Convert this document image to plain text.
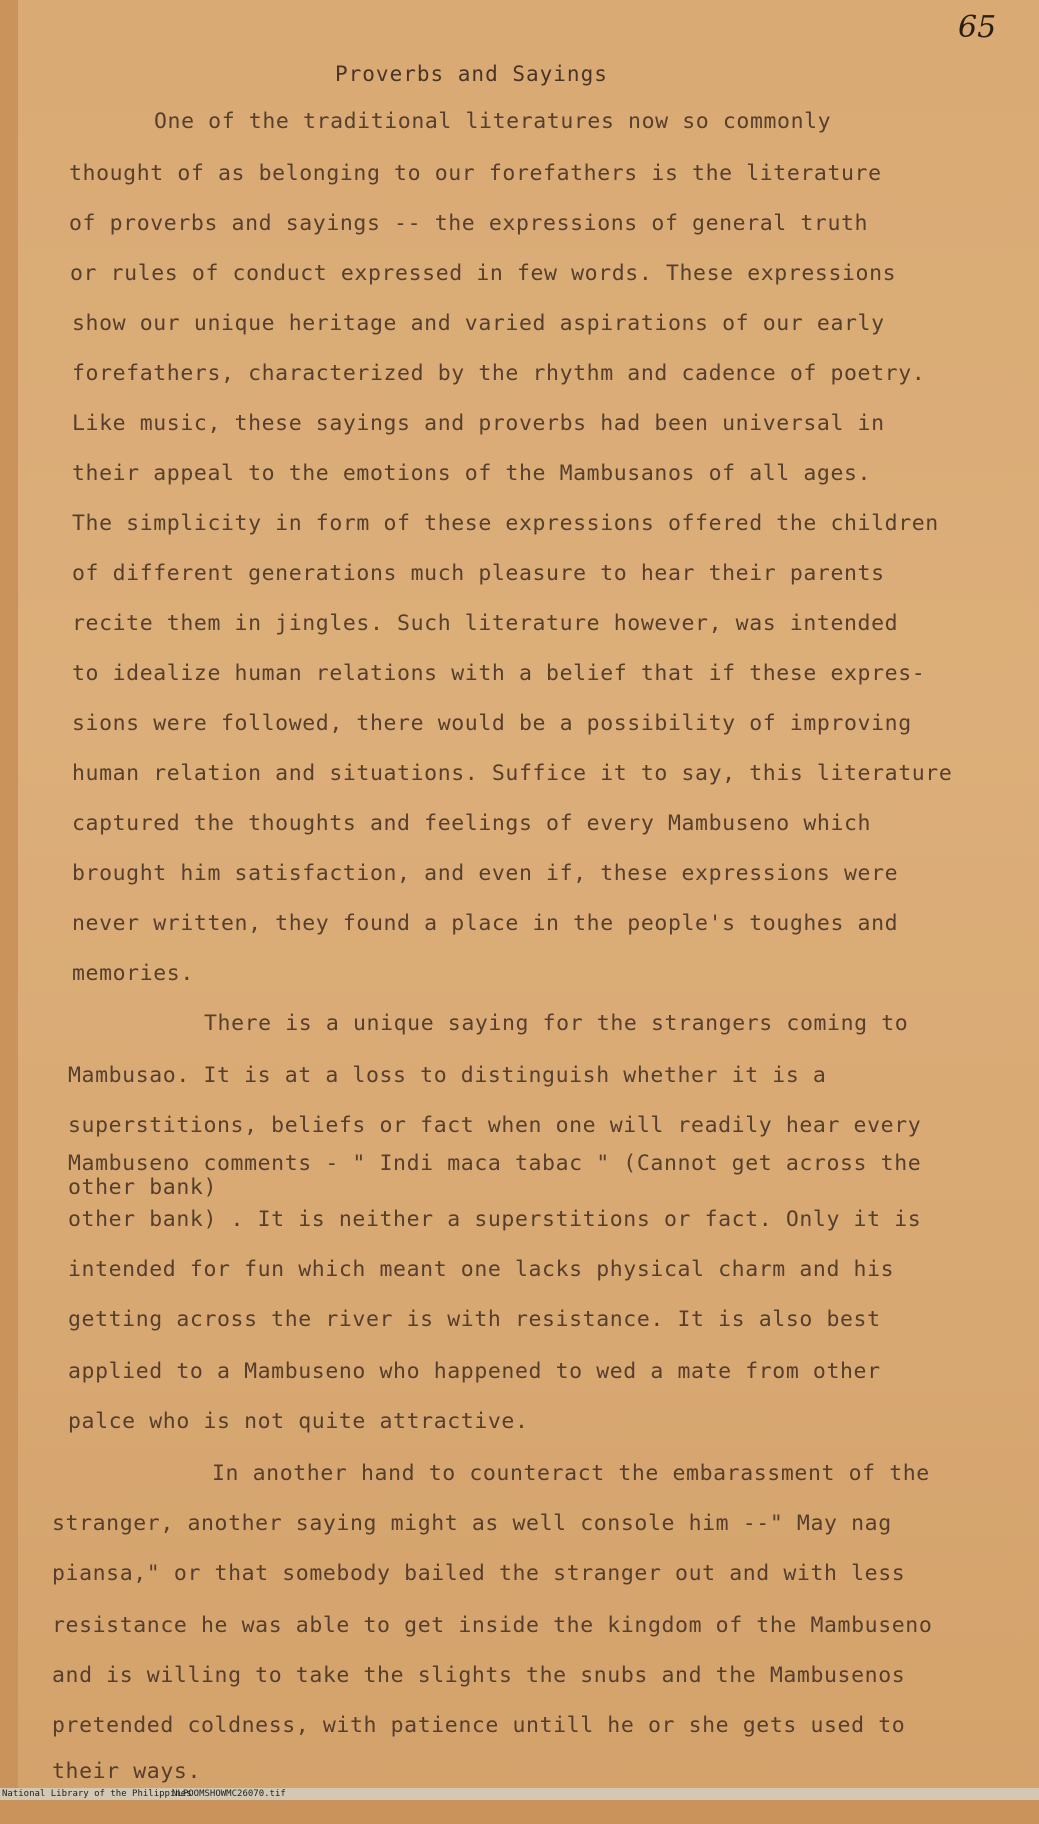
65
Proverbs and Sayings
One of the traditional literatures now so commonly
thought of as belonging to our forefathers is the literature
of proverbs and sayings -- the expressions of general truth
or rules of conduct expressed in few words. These expressions
show our unique heritage and varied aspirations of our early
forefathers, characterized by the rhythm and cadence of poetry.
Like music, these sayings and proverbs had been universal in
their appeal to the emotions of the Mambusanos of all ages.
The simplicity in form of these expressions offered the children
of different generations much pleasure to hear their parents
recite them in jingles. Such literature however, was intended
to idealize human relations with a belief that if these expres-
sions were followed, there would be a possibility of improving
human relation and situations. Suffice it to say, this literature
captured the thoughts and feelings of every Mambuseno which
brought him satisfaction, and even if, these expressions were
never written, they found a place in the people's toughes and
memories.
There is a unique saying for the strangers coming to
Mambusao. It is at a loss to distinguish whether it is a
superstitions, beliefs or fact when one will readily hear every
Mambuseno comments - " Indi maca tabac " (Cannot get across the
other bank)
other bank) . It is neither a superstitions or fact. Only it is
intended for fun which meant one lacks physical charm and his
getting across the river is with resistance. It is also best
applied to a Mambuseno who happened to wed a mate from other
palce who is not quite attractive.
In another hand to counteract the embarassment of the
stranger, another saying might as well console him --" May nag
piansa," or that somebody bailed the stranger out and with less
resistance he was able to get inside the kingdom of the Mambuseno
and is willing to take the slights the snubs and the Mambusenos
pretended coldness, with patience untill he or she gets used to
their ways.

National Library of the Philippines

NLPOOMSHOWMC26070.tif
